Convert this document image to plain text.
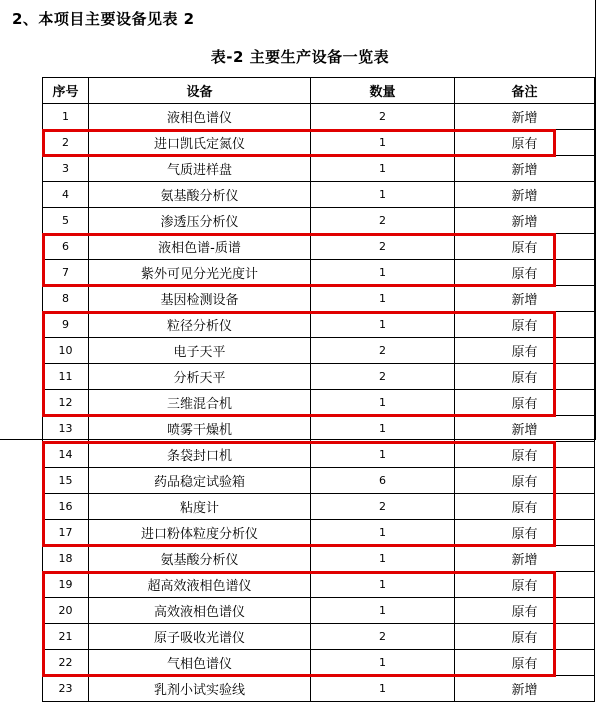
2、本项目主要设备见表 2
表-2 主要生产设备一览表
序号	设备	数量	备注
1	液相色谱仪	2	新增
2	进口凯氏定氮仪	1	原有
3	气质进样盘	1	新增
4	氨基酸分析仪	1	新增
5	渗透压分析仪	2	新增
6	液相色谱-质谱	2	原有
7	紫外可见分光光度计	1	原有
8	基因检测设备	1	新增
9	粒径分析仪	1	原有
10	电子天平	2	原有
11	分析天平	2	原有
12	三维混合机	1	原有
13	喷雾干燥机	1	新增
14	条袋封口机	1	原有
15	药品稳定试验箱	6	原有
16	粘度计	2	原有
17	进口粉体粒度分析仪	1	原有
18	氨基酸分析仪	1	新增
19	超高效液相色谱仪	1	原有
20	高效液相色谱仪	1	原有
21	原子吸收光谱仪	2	原有
22	气相色谱仪	1	原有
23	乳剂小试实验线	1	新增
